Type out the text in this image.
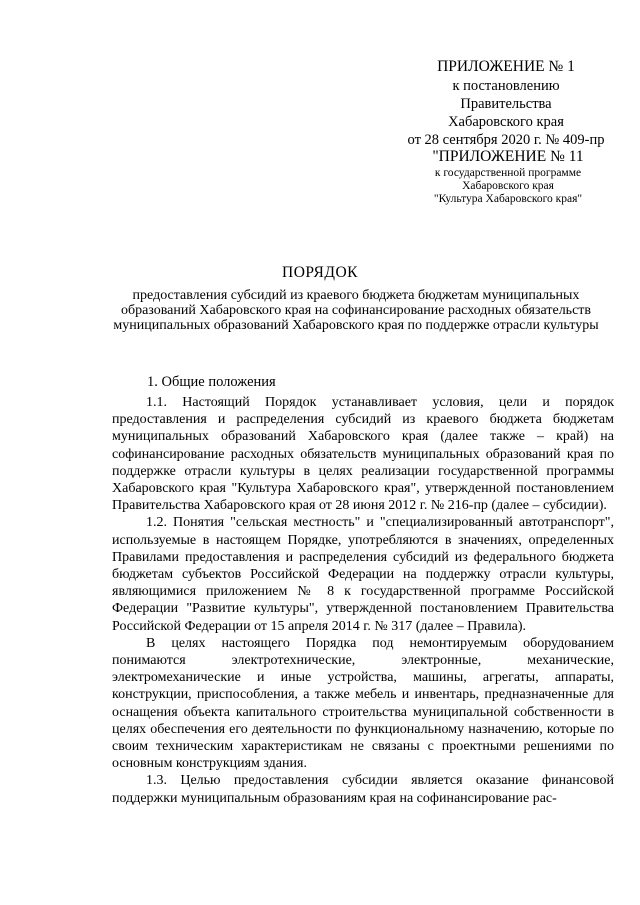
ПРИЛОЖЕНИЕ № 1
к постановлению
Правительства
Хабаровского края
от 28 сентября 2020 г. № 409-пр
"ПРИЛОЖЕНИЕ № 11
к государственной программе
Хабаровского края
"Культура Хабаровского края"
ПОРЯДОК
предоставления субсидий из краевого бюджета бюджетам муниципальных образований Хабаровского края на софинансирование расходных обязательств муниципальных образований Хабаровского края по поддержке отрасли культуры
1. Общие положения

1.1. Настоящий Порядок устанавливает условия, цели и порядок предоставления и распределения субсидий из краевого бюджета бюджетам муниципальных образований Хабаровского края (далее также – край) на софинансирование расходных обязательств муниципальных образований края по поддержке отрасли культуры в целях реализации государственной программы Хабаровского края "Культура Хабаровского края", утвержденной постановлением Правительства Хабаровского края от 28 июня 2012 г. № 216-пр (далее – субсидии).

1.2. Понятия "сельская местность" и "специализированный автотранспорт", используемые в настоящем Порядке, употребляются в значениях, определенных Правилами предоставления и распределения субсидий из федерального бюджета бюджетам субъектов Российской Федерации на поддержку отрасли культуры, являющимися приложением № 8 к государственной программе Российской Федерации "Развитие культуры", утвержденной постановлением Правительства Российской Федерации от 15 апреля 2014 г. № 317 (далее – Правила).

В целях настоящего Порядка под немонтируемым оборудованием понимаются электротехнические, электронные, механические, электромеханические и иные устройства, машины, агрегаты, аппараты, конструкции, приспособления, а также мебель и инвентарь, предназначенные для оснащения объекта капитального строительства муниципальной собственности в целях обеспечения его деятельности по функциональному назначению, которые по своим техническим характеристикам не связаны с проектными решениями по основным конструкциям здания.

1.3. Целью предоставления субсидии является оказание финансовой поддержки муниципальным образованиям края на софинансирование рас-
